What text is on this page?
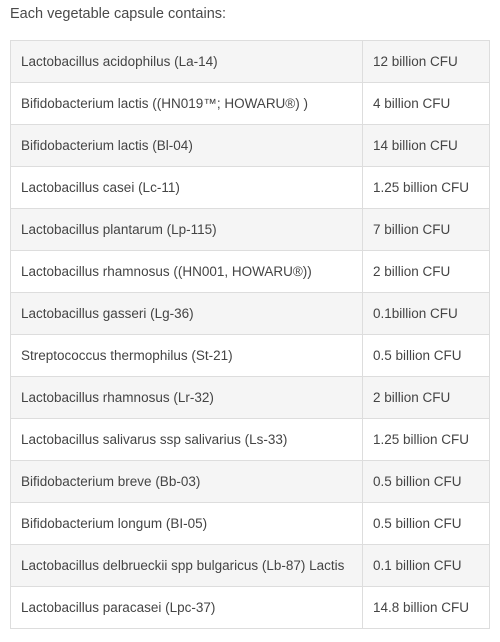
Each vegetable capsule contains:

Lactobacillus acidophilus (La-14)	12 billion CFU
Bifidobacterium lactis ((HN019™; HOWARU®) )	4 billion CFU
Bifidobacterium lactis (Bl-04)	14 billion CFU
Lactobacillus casei (Lc-11)	1.25 billion CFU
Lactobacillus plantarum (Lp-115)	7 billion CFU
Lactobacillus rhamnosus ((HN001, HOWARU®))	2 billion CFU
Lactobacillus gasseri (Lg-36)	0.1billion CFU
Streptococcus thermophilus (St-21)	0.5 billion CFU
Lactobacillus rhamnosus (Lr-32)	2 billion CFU
Lactobacillus salivarus ssp salivarius (Ls-33)	1.25 billion CFU
Bifidobacterium breve (Bb-03)	0.5 billion CFU
Bifidobacterium longum (BI-05)	0.5 billion CFU
Lactobacillus delbrueckii spp bulgaricus (Lb-87) Lactis	0.1 billion CFU
Lactobacillus paracasei (Lpc-37)	14.8 billion CFU
